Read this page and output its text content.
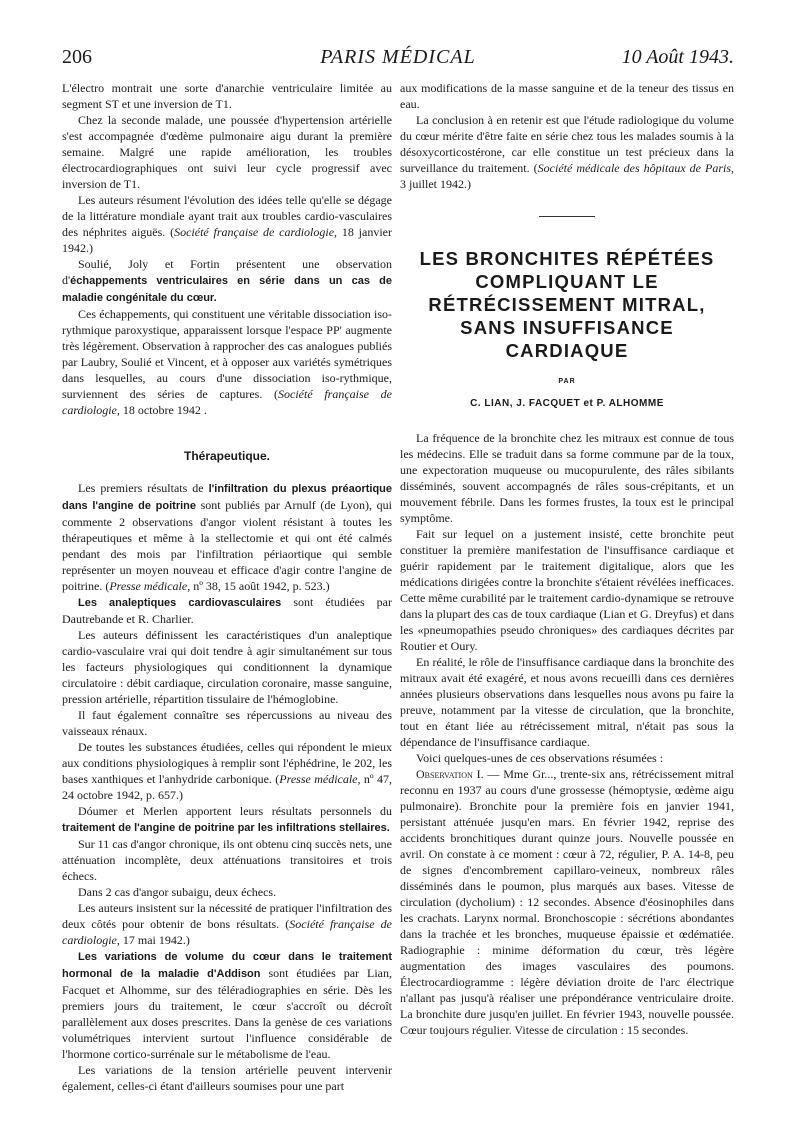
206	PARIS MÉDICAL	10 Août 1943.

L'électro montrait une sorte d'anarchie ventriculaire limitée au segment ST et une inversion de T1.

Chez la seconde malade, une poussée d'hypertension artérielle s'est accompagnée d'œdème pulmonaire aigu durant la première semaine. Malgré une rapide amélioration, les troubles électrocardiographiques ont suivi leur cycle progressif avec inversion de T1.

Les auteurs résument l'évolution des idées telle qu'elle se dégage de la littérature mondiale ayant trait aux troubles cardio-vasculaires des néphrites aiguës. (Société française de cardiologie, 18 janvier 1942.)

Soulié, Joly et Fortin présentent une observation d'échappements ventriculaires en série dans un cas de maladie congénitale du cœur.

Ces échappements, qui constituent une véritable dissociation iso-rythmique paroxystique, apparaissent lorsque l'espace PP' augmente très légèrement. Observation à rapprocher des cas analogues publiés par Laubry, Soulié et Vincent, et à opposer aux variétés symétriques dans lesquelles, au cours d'une dissociation iso-rythmique, surviennent des séries de captures. (Société française de cardiologie, 18 octobre 1942 .

Thérapeutique.

Les premiers résultats de l'infiltration du plexus préaortique dans l'angine de poitrine sont publiés par Arnulf (de Lyon), qui commente 2 observations d'angor violent résistant à toutes les thérapeutiques et même à la stellectomie et qui ont été calmés pendant des mois par l'infiltration périaortique qui semble représenter un moyen nouveau et efficace d'agir contre l'angine de poitrine. (Presse médicale, nº 38, 15 août 1942, p. 523.)

Les analeptiques cardiovasculaires sont étudiées par Dautrebande et R. Charlier.

Les auteurs définissent les caractéristiques d'un analeptique cardio-vasculaire vrai qui doit tendre à agir simultanément sur tous les facteurs physiologiques qui conditionnent la dynamique circulatoire : débit cardiaque, circulation coronaire, masse sanguine, pression artérielle, répartition tissulaire de l'hémoglobine.

Il faut également connaître ses répercussions au niveau des vaisseaux rénaux.

De toutes les substances étudiées, celles qui répondent le mieux aux conditions physiologiques à remplir sont l'éphédrine, le 202, les bases xanthiques et l'anhydride carbonique. (Presse médicale, nº 47, 24 octobre 1942, p. 657.)

Dóumer et Merlen apportent leurs résultats personnels du traitement de l'angine de poitrine par les infiltrations stellaires.

Sur 11 cas d'angor chronique, ils ont obtenu cinq succès nets, une atténuation incomplète, deux atténuations transitoires et trois échecs.

Dans 2 cas d'angor subaigu, deux échecs.

Les auteurs insistent sur la nécessité de pratiquer l'infiltration des deux côtés pour obtenir de bons résultats. (Société française de cardiologie, 17 mai 1942.)

Les variations de volume du cœur dans le traitement hormonal de la maladie d'Addison sont étudiées par Lian, Facquet et Alhomme, sur des téléradiographies en série. Dès les premiers jours du traitement, le cœur s'accroît ou décroît parallèlement aux doses prescrites. Dans la genèse de ces variations volumétriques intervient surtout l'influence considérable de l'hormone cortico-surrénale sur le métabolisme de l'eau.

Les variations de la tension artérielle peuvent intervenir également, celles-ci étant d'ailleurs soumises pour une part

aux modifications de la masse sanguine et de la teneur des tissus en eau.

La conclusion à en retenir est que l'étude radiologique du volume du cœur mérite d'être faite en série chez tous les malades soumis à la désoxycorticostérone, car elle constitue un test précieux dans la surveillance du traitement. (Société médicale des hôpitaux de Paris, 3 juillet 1942.)

LES BRONCHITES RÉPÉTÉES
COMPLIQUANT LE
RÉTRÉCISSEMENT MITRAL,
SANS INSUFFISANCE
CARDIAQUE
PAR
C. LIAN, J. FACQUET et P. ALHOMME

La fréquence de la bronchite chez les mitraux est connue de tous les médecins. Elle se traduit dans sa forme commune par de la toux, une expectoration muqueuse ou mucopurulente, des râles sibilants disséminés, souvent accompagnés de râles sous-crépitants, et un mouvement fébrile. Dans les formes frustes, la toux est le principal symptôme.

Fait sur lequel on a justement insisté, cette bronchite peut constituer la première manifestation de l'insuffisance cardiaque et guérir rapidement par le traitement digitalique, alors que les médications dirigées contre la bronchite s'étaient révélées inefficaces. Cette même curabilité par le traitement cardio-dynamique se retrouve dans la plupart des cas de toux cardiaque (Lian et G. Dreyfus) et dans les «pneumopathies pseudo chroniques» des cardiaques décrites par Routier et Oury.

En réalité, le rôle de l'insuffisance cardiaque dans la bronchite des mitraux avait été exagéré, et nous avons recueilli dans ces dernières années plusieurs observations dans lesquelles nous avons pu faire la preuve, notamment par la vitesse de circulation, que la bronchite, tout en étant liée au rétrécissement mitral, n'était pas sous la dépendance de l'insuffisance cardiaque.

Voici quelques-unes de ces observations résumées :

Observation I. — Mme Gr..., trente-six ans, rétrécissement mitral reconnu en 1937 au cours d'une grossesse (hémoptysie, œdème aigu pulmonaire). Bronchite pour la première fois en janvier 1941, persistant atténuée jusqu'en mars. En février 1942, reprise des accidents bronchitiques durant quinze jours. Nouvelle poussée en avril. On constate à ce moment : cœur à 72, régulier, P. A. 14-8, peu de signes d'encombrement capillaro-veineux, nombreux râles disséminés dans le poumon, plus marqués aux bases. Vitesse de circulation (dycholium) : 12 secondes. Absence d'éosinophiles dans les crachats. Larynx normal. Bronchoscopie : sécrétions abondantes dans la trachée et les bronches, muqueuse épaissie et œdématiée. Radiographie : minime déformation du cœur, très légère augmentation des images vasculaires des poumons. Électrocardiogramme : légère déviation droite de l'arc électrique n'allant pas jusqu'à réaliser une prépondérance ventriculaire droite. La bronchite dure jusqu'en juillet. En février 1943, nouvelle poussée. Cœur toujours régulier. Vitesse de circulation : 15 secondes.
